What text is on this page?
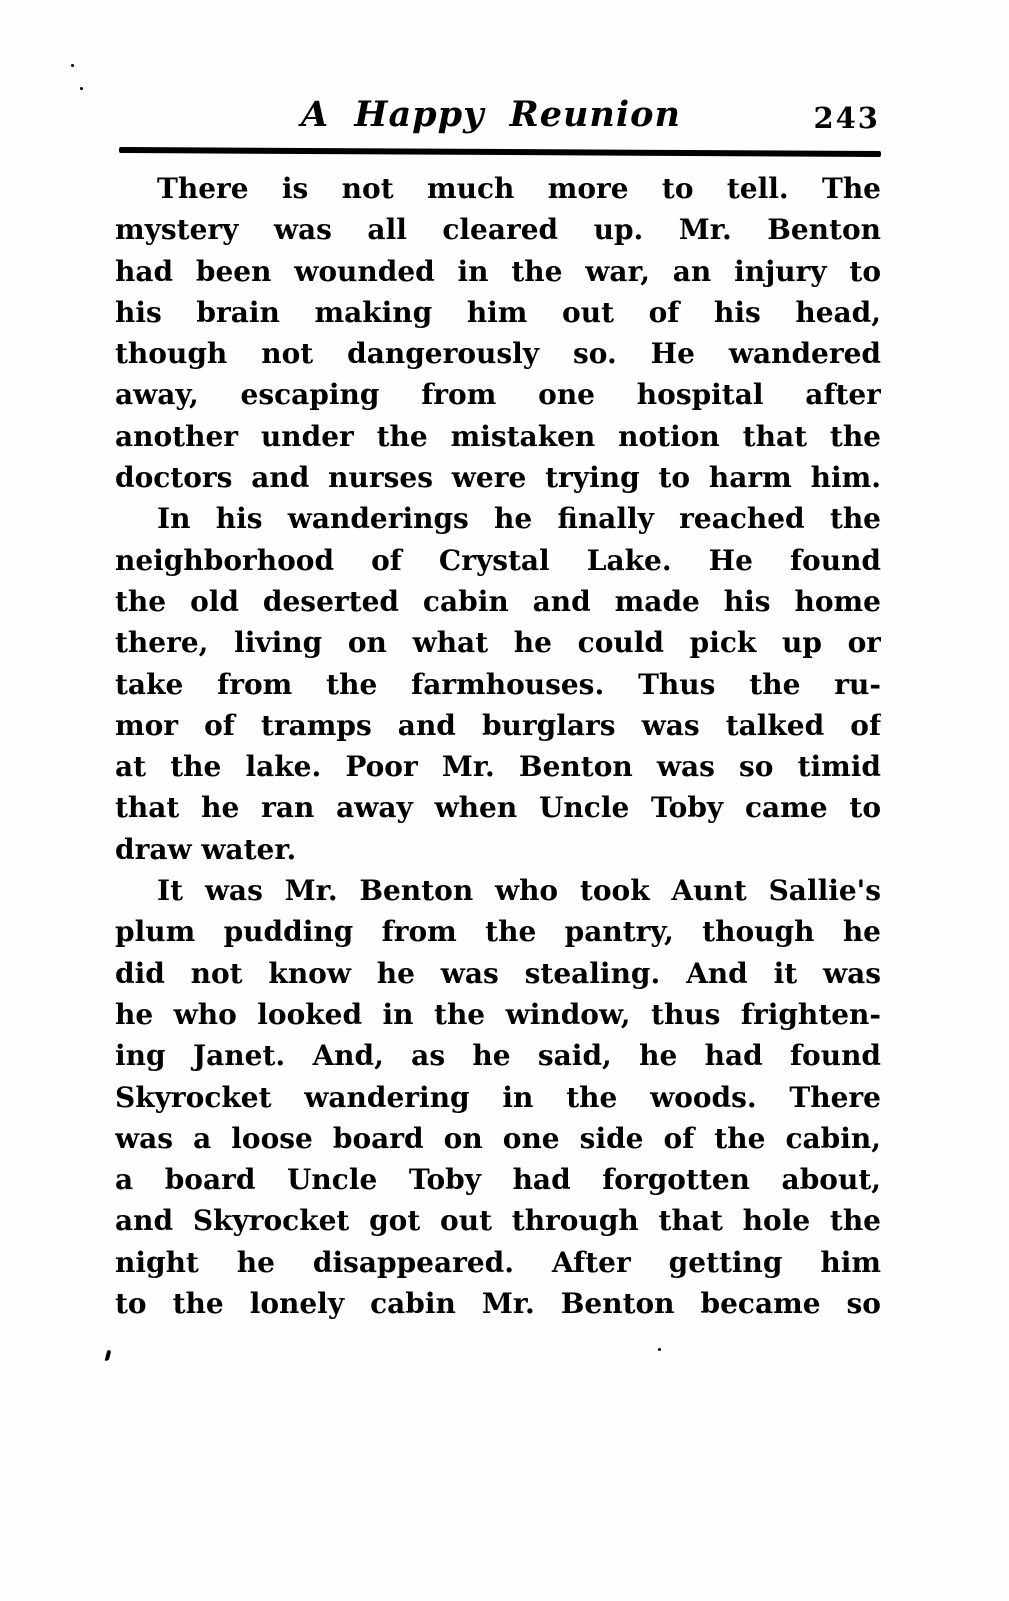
A Happy Reunion	243
There is not much more to tell. The
mystery was all cleared up. Mr. Benton
had been wounded in the war, an injury to
his brain making him out of his head,
though not dangerously so. He wandered
away, escaping from one hospital after
another under the mistaken notion that the
doctors and nurses were trying to harm him.
In his wanderings he finally reached the
neighborhood of Crystal Lake. He found
the old deserted cabin and made his home
there, living on what he could pick up or
take from the farmhouses. Thus the ru-
mor of tramps and burglars was talked of
at the lake. Poor Mr. Benton was so timid
that he ran away when Uncle Toby came to
draw water.
It was Mr. Benton who took Aunt Sallie's
plum pudding from the pantry, though he
did not know he was stealing. And it was
he who looked in the window, thus frighten-
ing Janet. And, as he said, he had found
Skyrocket wandering in the woods. There
was a loose board on one side of the cabin,
a board Uncle Toby had forgotten about,
and Skyrocket got out through that hole the
night he disappeared. After getting him
to the lonely cabin Mr. Benton became so
